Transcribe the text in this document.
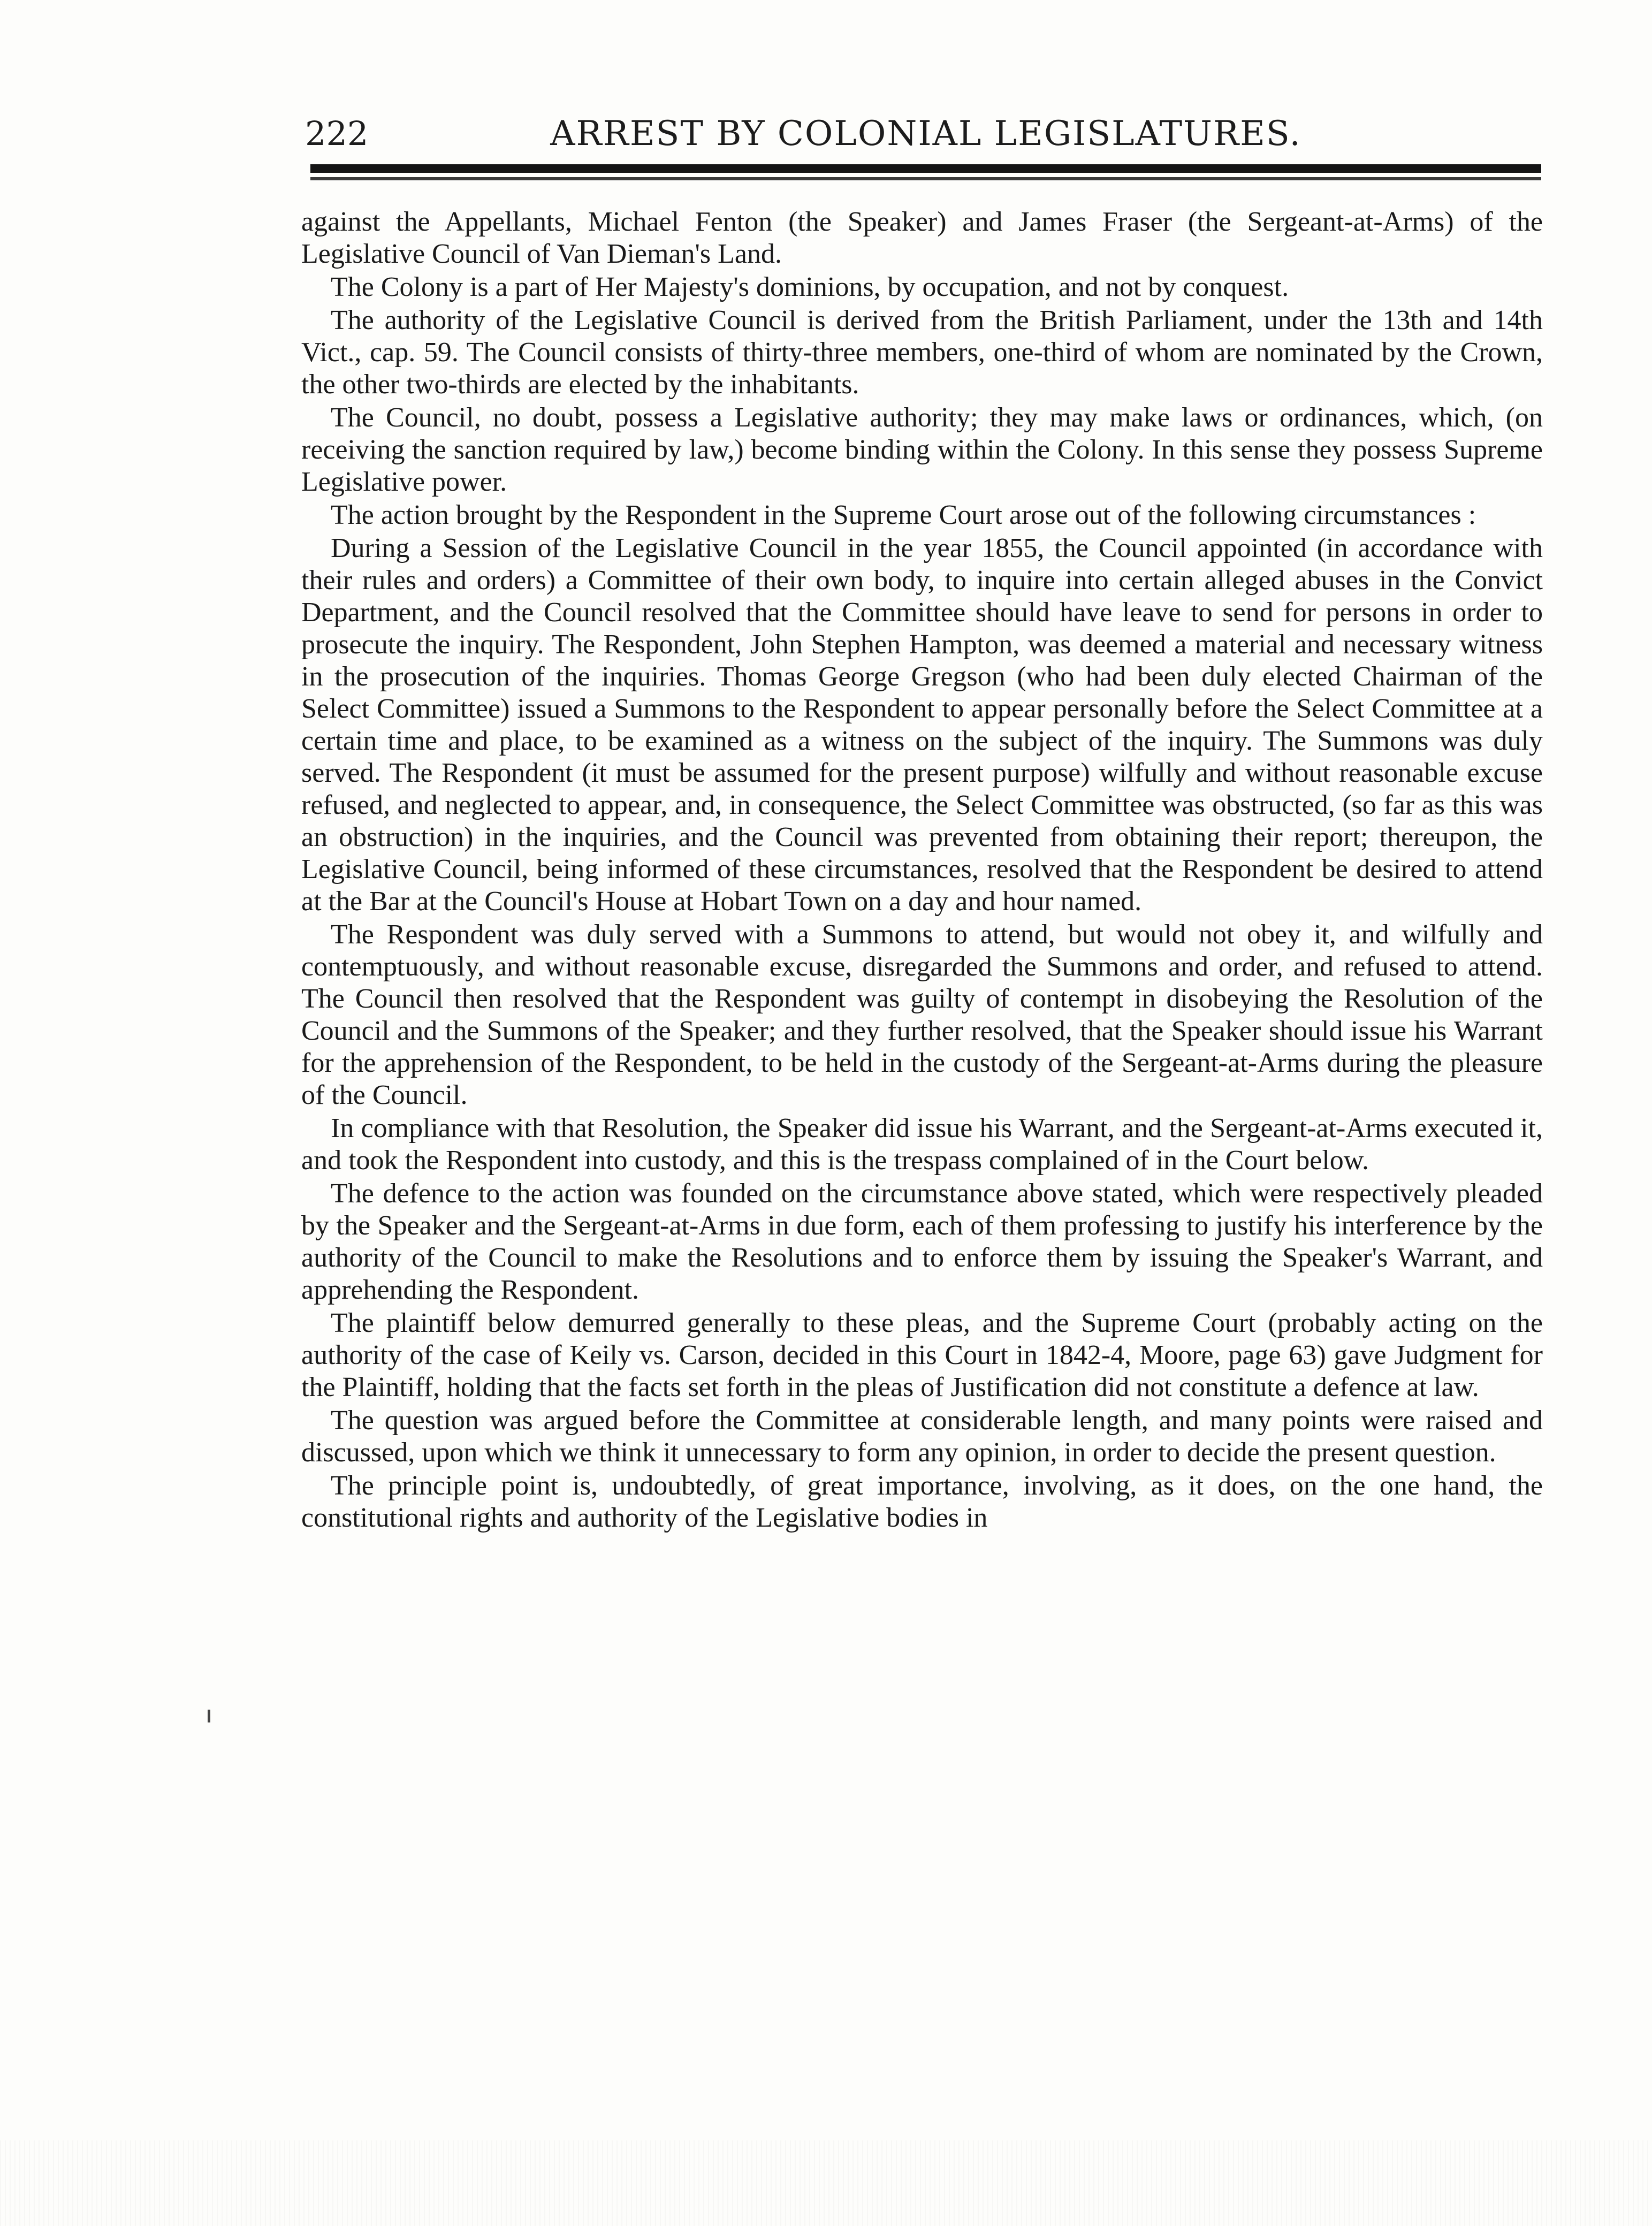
222	ARREST BY COLONIAL LEGISLATURES.

against the Appellants, Michael Fenton (the Speaker) and James Fraser (the Sergeant-at-Arms) of the Legislative Council of Van Dieman's Land.

The Colony is a part of Her Majesty's dominions, by occupation, and not by conquest.

The authority of the Legislative Council is derived from the British Parliament, under the 13th and 14th Vict., cap. 59. The Council consists of thirty-three members, one-third of whom are nominated by the Crown, the other two-thirds are elected by the inhabitants.

The Council, no doubt, possess a Legislative authority; they may make laws or ordinances, which, (on receiving the sanction required by law,) become binding within the Colony. In this sense they possess Supreme Legislative power.

The action brought by the Respondent in the Supreme Court arose out of the following circumstances :

During a Session of the Legislative Council in the year 1855, the Council appointed (in accordance with their rules and orders) a Committee of their own body, to inquire into certain alleged abuses in the Convict Department, and the Council resolved that the Committee should have leave to send for persons in order to prosecute the inquiry. The Respondent, John Stephen Hampton, was deemed a material and necessary witness in the prosecution of the inquiries. Thomas George Gregson (who had been duly elected Chairman of the Select Committee) issued a Summons to the Respondent to appear personally before the Select Committee at a certain time and place, to be examined as a witness on the subject of the inquiry. The Summons was duly served. The Respondent (it must be assumed for the present purpose) wilfully and without reasonable excuse refused, and neglected to appear, and, in consequence, the Select Committee was obstructed, (so far as this was an obstruction) in the inquiries, and the Council was prevented from obtaining their report; thereupon, the Legislative Council, being informed of these circumstances, resolved that the Respondent be desired to attend at the Bar at the Council's House at Hobart Town on a day and hour named.

The Respondent was duly served with a Summons to attend, but would not obey it, and wilfully and contemptuously, and without reasonable excuse, disregarded the Summons and order, and refused to attend. The Council then resolved that the Respondent was guilty of contempt in disobeying the Resolution of the Council and the Summons of the Speaker; and they further resolved, that the Speaker should issue his Warrant for the apprehension of the Respondent, to be held in the custody of the Sergeant-at-Arms during the pleasure of the Council.

In compliance with that Resolution, the Speaker did issue his Warrant, and the Sergeant-at-Arms executed it, and took the Respondent into custody, and this is the trespass complained of in the Court below.

The defence to the action was founded on the circumstance above stated, which were respectively pleaded by the Speaker and the Sergeant-at-Arms in due form, each of them professing to justify his interference by the authority of the Council to make the Resolutions and to enforce them by issuing the Speaker's Warrant, and apprehending the Respondent.

The plaintiff below demurred generally to these pleas, and the Supreme Court (probably acting on the authority of the case of Keily vs. Carson, decided in this Court in 1842-4, Moore, page 63) gave Judgment for the Plaintiff, holding that the facts set forth in the pleas of Justification did not constitute a defence at law.

The question was argued before the Committee at considerable length, and many points were raised and discussed, upon which we think it unnecessary to form any opinion, in order to decide the present question.

The principle point is, undoubtedly, of great importance, involving, as it does, on the one hand, the constitutional rights and authority of the Legislative bodies in
